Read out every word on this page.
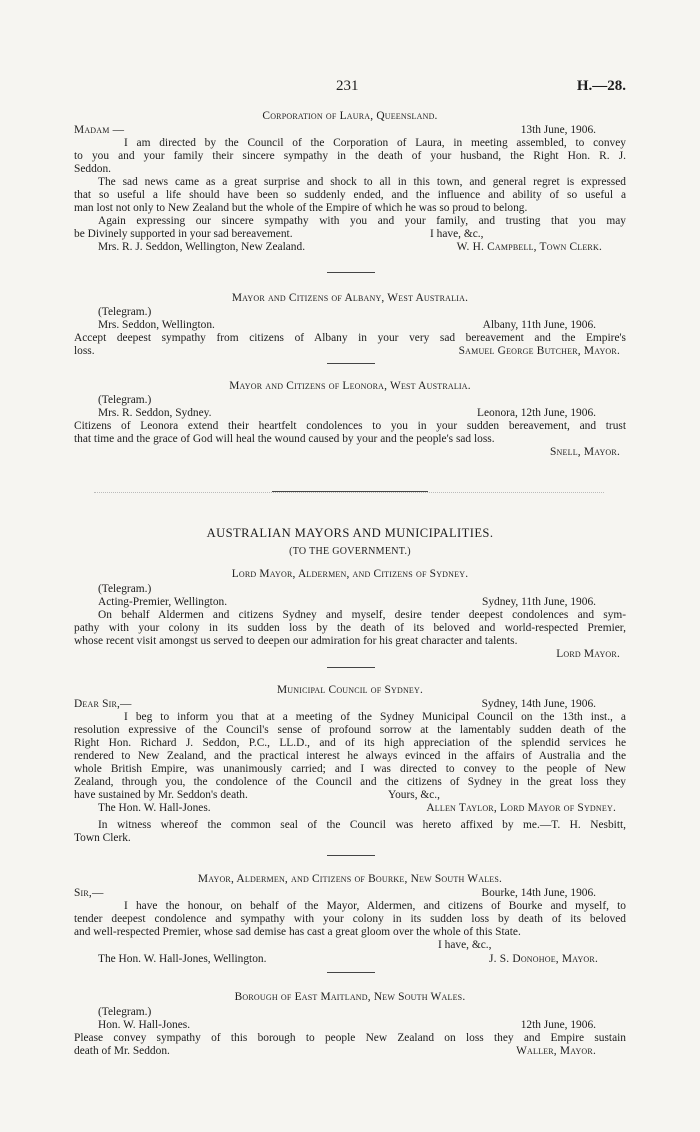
231	H.—28.
Corporation of Laura, Queensland.
Madam —	13th June, 1906.
I am directed by the Council of the Corporation of Laura, in meeting assembled, to convey
to you and your family their sincere sympathy in the death of your husband, the Right Hon. R. J.
Seddon.
The sad news came as a great surprise and shock to all in this town, and general regret is expressed
that so useful a life should have been so suddenly ended, and the influence and ability of so useful a
man lost not only to New Zealand but the whole of the Empire of which he was so proud to belong.
Again expressing our sincere sympathy with you and your family, and trusting that you may
be Divinely supported in your sad bereavement.	I have, &c.,
Mrs. R. J. Seddon, Wellington, New Zealand.	W. H. Campbell, Town Clerk.
Mayor and Citizens of Albany, West Australia.
(Telegram.)
Mrs. Seddon, Wellington.	Albany, 11th June, 1906.
Accept deepest sympathy from citizens of Albany in your very sad bereavement and the Empire's
loss.	Samuel George Butcher, Mayor.
Mayor and Citizens of Leonora, West Australia.
(Telegram.)
Mrs. R. Seddon, Sydney.	Leonora, 12th June, 1906.
Citizens of Leonora extend their heartfelt condolences to you in your sudden bereavement, and trust
that time and the grace of God will heal the wound caused by your and the people's sad loss.
Snell, Mayor.
AUSTRALIAN MAYORS AND MUNICIPALITIES.
(TO THE GOVERNMENT.)
Lord Mayor, Aldermen, and Citizens of Sydney.
(Telegram.)
Acting-Premier, Wellington.	Sydney, 11th June, 1906.
On behalf Aldermen and citizens Sydney and myself, desire tender deepest condolences and sym-
pathy with your colony in its sudden loss by the death of its beloved and world-respected Premier,
whose recent visit amongst us served to deepen our admiration for his great character and talents.
Lord Mayor.
Municipal Council of Sydney.
Dear Sir,—	Sydney, 14th June, 1906.
I beg to inform you that at a meeting of the Sydney Municipal Council on the 13th inst., a
resolution expressive of the Council's sense of profound sorrow at the lamentably sudden death of the
Right Hon. Richard J. Seddon, P.C., LL.D., and of its high appreciation of the splendid services he
rendered to New Zealand, and the practical interest he always evinced in the affairs of Australia and the
whole British Empire, was unanimously carried; and I was directed to convey to the people of New
Zealand, through you, the condolence of the Council and the citizens of Sydney in the great loss they
have sustained by Mr. Seddon's death.	Yours, &c.,
The Hon. W. Hall-Jones.	Allen Taylor, Lord Mayor of Sydney.
In witness whereof the common seal of the Council was hereto affixed by me.—T. H. Nesbitt,
Town Clerk.
Mayor, Aldermen, and Citizens of Bourke, New South Wales.
Sir,—	Bourke, 14th June, 1906.
I have the honour, on behalf of the Mayor, Aldermen, and citizens of Bourke and myself, to
tender deepest condolence and sympathy with your colony in its sudden loss by death of its beloved
and well-respected Premier, whose sad demise has cast a great gloom over the whole of this State.
I have, &c.,
The Hon. W. Hall-Jones, Wellington.	J. S. Donohoe, Mayor.
Borough of East Maitland, New South Wales.
(Telegram.)
Hon. W. Hall-Jones.	12th June, 1906.
Please convey sympathy of this borough to people New Zealand on loss they and Empire sustain
death of Mr. Seddon.	Waller, Mayor.
